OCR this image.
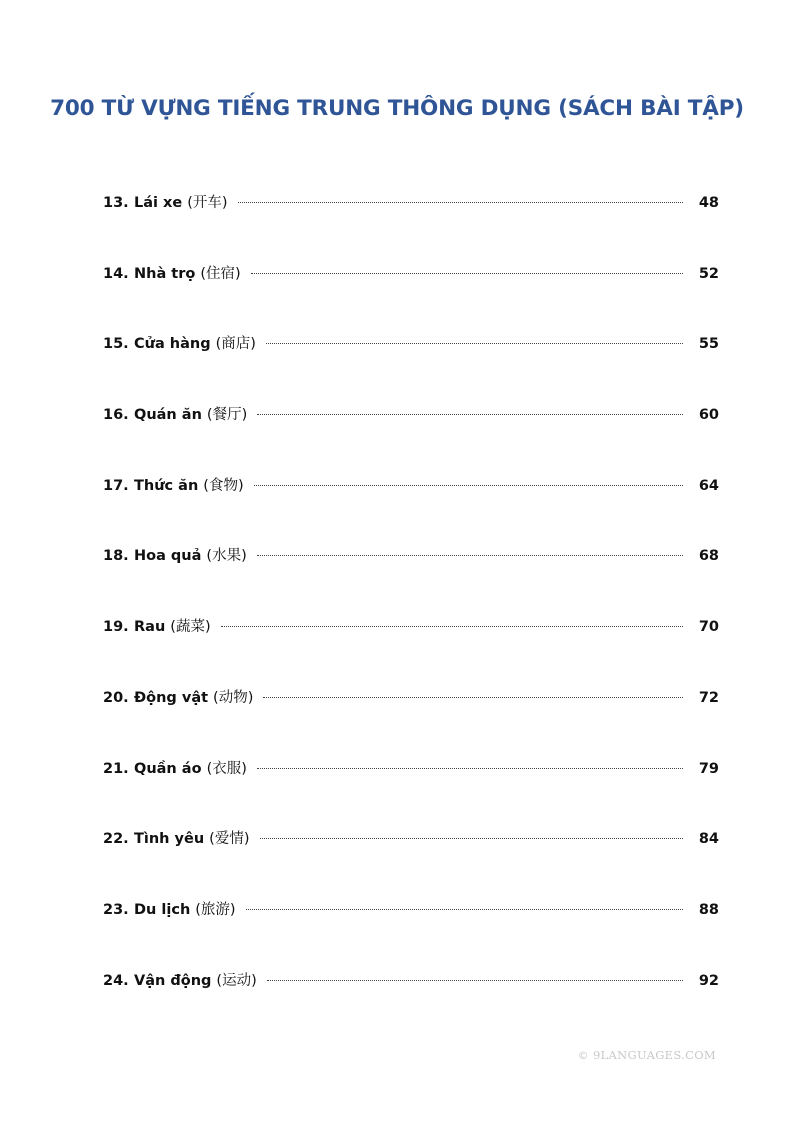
700 TỪ VỰNG TIẾNG TRUNG THÔNG DỤNG (SÁCH BÀI TẬP)
13. Lái xe (开车)	48
14. Nhà trọ (住宿)	52
15. Cửa hàng (商店)	55
16. Quán ăn (餐厅)	60
17. Thức ăn (食物)	64
18. Hoa quả (水果)	68
19. Rau (蔬菜)	70
20. Động vật (动物)	72
21. Quần áo (衣服)	79
22. Tình yêu (爱情)	84
23. Du lịch (旅游)	88
24. Vận động (运动)	92
© 9LANGUAGES.COM
